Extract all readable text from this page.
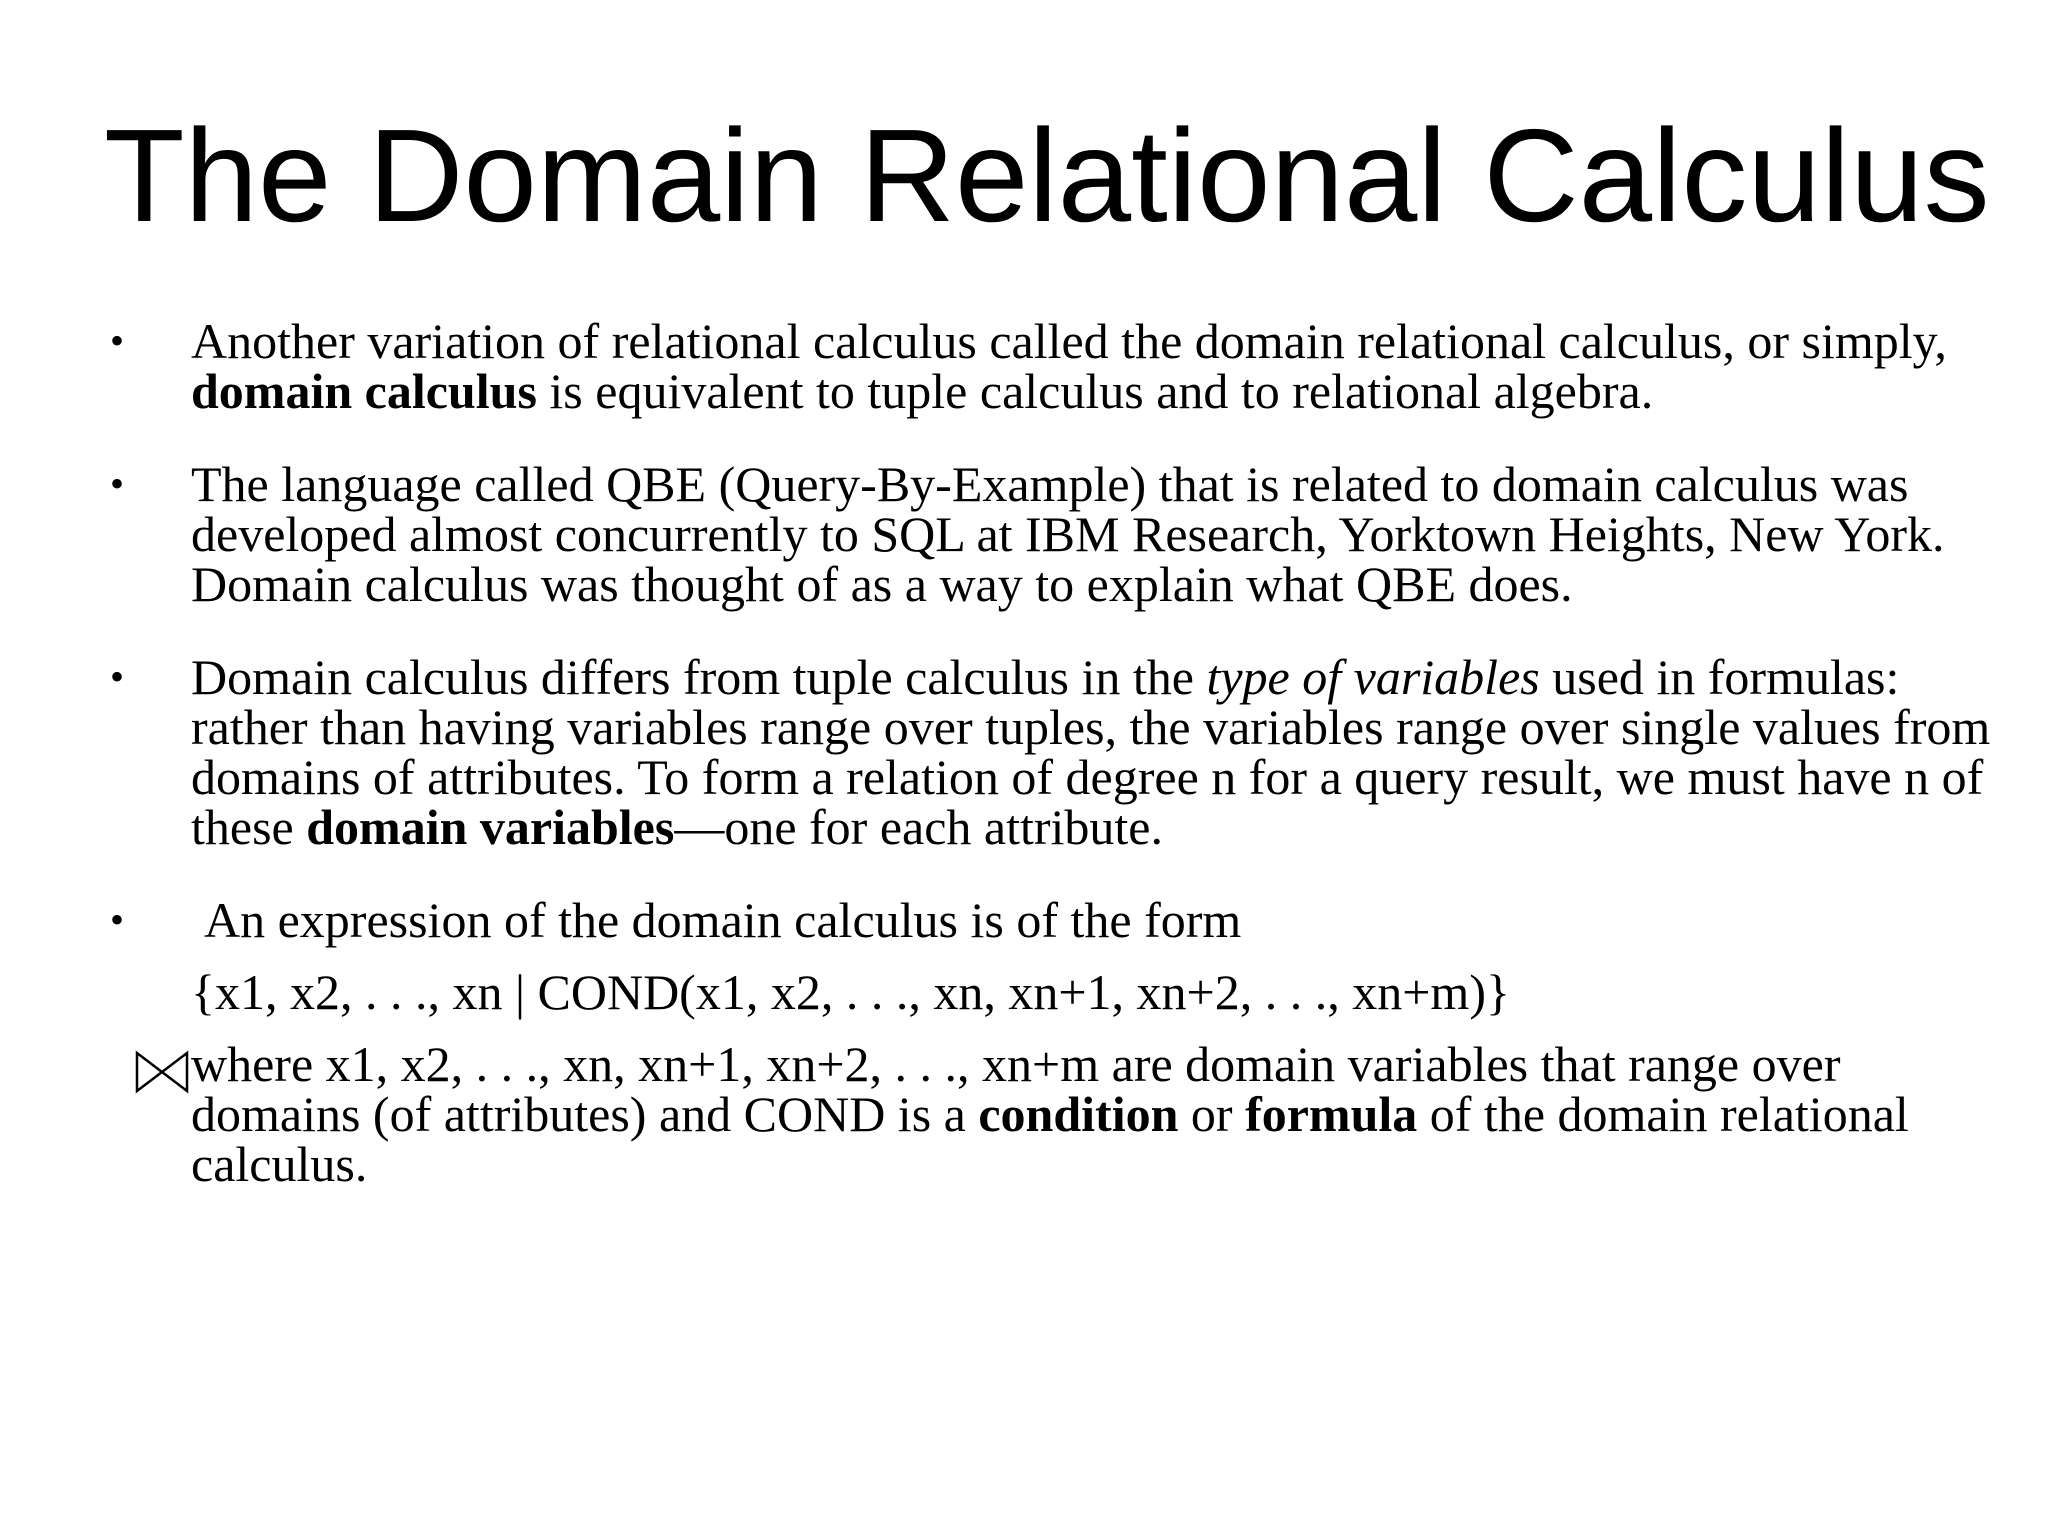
The Domain Relational Calculus
• Another variation of relational calculus called the domain relational calculus, or simply, domain calculus is equivalent to tuple calculus and to relational algebra.

• The language called QBE (Query-By-Example) that is related to domain calculus was developed almost concurrently to SQL at IBM Research, Yorktown Heights, New York. Domain calculus was thought of as a way to explain what QBE does.

• Domain calculus differs from tuple calculus in the type of variables used in formulas: rather than having variables range over tuples, the variables range over single values from domains of attributes. To form a relation of degree n for a query result, we must have n of these domain variables—one for each attribute.

• An expression of the domain calculus is of the form

{x1, x2, . . ., xn | COND(x1, x2, . . ., xn, xn+1, xn+2, . . ., xn+m)}

where x1, x2, . . ., xn, xn+1, xn+2, . . ., xn+m are domain variables that range over domains (of attributes) and COND is a condition or formula of the domain relational calculus.
